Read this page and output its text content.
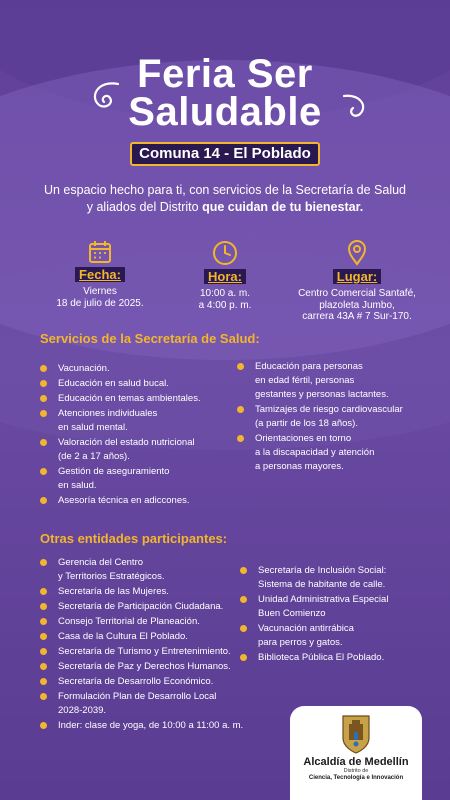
Feria Ser
Saludable
Comuna 14 - El Poblado
Un espacio hecho para ti, con servicios de la Secretaría de Salud y aliados del Distrito que cuidan de tu bienestar.
Fecha:
Viernes
18 de julio de 2025.
Hora:
10:00 a. m.
a 4:00 p. m.
Lugar:
Centro Comercial Santafé,
plazoleta Jumbo,
carrera 43A # 7 Sur-170.
Servicios de la Secretaría de Salud:
Vacunación.
Educación en salud bucal.
Educación en temas ambientales.
Atenciones individuales
en salud mental.
Valoración del estado nutricional
(de 2 a 17 años).
Gestión de aseguramiento
en salud.
Asesoría técnica en adiccones.
Educación para personas
en edad fértil, personas
gestantes y personas lactantes.
Tamizajes de riesgo cardiovascular
(a partir de los 18 años).
Orientaciones en torno
a la discapacidad y atención
a personas mayores.
Otras entidades participantes:
Gerencia del Centro
y Territorios Estratégicos.
Secretaría de las Mujeres.
Secretaría de Participación Ciudadana.
Consejo Territorial de Planeación.
Casa de la Cultura El Poblado.
Secretaría de Turismo y Entretenimiento.
Secretaría de Paz y Derechos Humanos.
Secretaría de Desarrollo Económico.
Formulación Plan de Desarrollo Local
2028-2039.
Inder: clase de yoga, de 10:00 a 11:00 a. m.
Secretaría de Inclusión Social:
Sistema de habitante de calle.
Unidad Administrativa Especial
Buen Comienzo
Vacunación antirrábica
para perros y gatos.
Biblioteca Pública El Poblado.
Alcaldía de Medellín
Distrito de
Ciencia, Tecnología e Innovación
